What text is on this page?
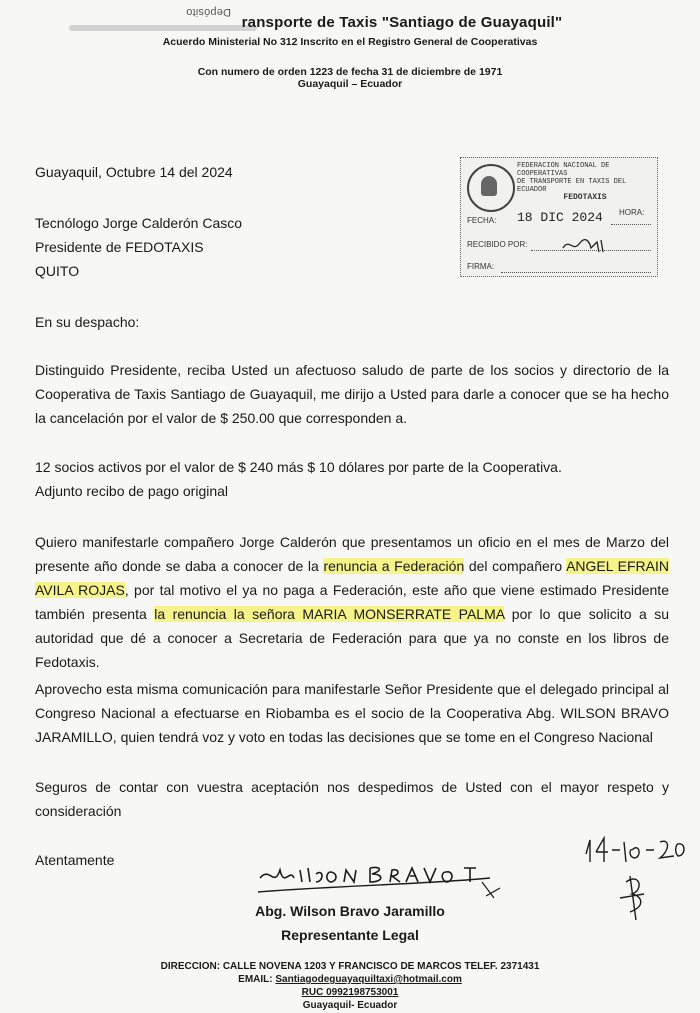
Depósito
ransporte de Taxis "Santiago de Guayaquil"
Acuerdo Ministerial No 312 Inscrito en el Registro General de Cooperativas
Con numero de orden 1223 de fecha 31 de diciembre de 1971
Guayaquil – Ecuador
FEDERACION NACIONAL DE COOPERATIVAS
DE TRANSPORTE EN TAXIS DEL ECUADOR
FEDOTAXIS
FECHA: 18 DIC 2024 HORA:
RECIBIDO POR:
FIRMA:
Guayaquil, Octubre 14 del 2024
Tecnólogo Jorge Calderón Casco
Presidente de FEDOTAXIS
QUITO
En su despacho:
Distinguido Presidente, reciba Usted un afectuoso saludo de parte de los socios y directorio de la Cooperativa de Taxis Santiago de Guayaquil, me dirijo a Usted para darle a conocer que se ha hecho la cancelación por el valor de $ 250.00 que corresponden a.
12 socios activos por el valor de $ 240 más $ 10 dólares por parte de la Cooperativa.
Adjunto recibo de pago original
Quiero manifestarle compañero Jorge Calderón que presentamos un oficio en el mes de Marzo del presente año donde se daba a conocer de la renuncia a Federación del compañero ANGEL EFRAIN AVILA ROJAS, por tal motivo el ya no paga a Federación, este año que viene estimado Presidente también presenta la renuncia la señora MARIA MONSERRATE PALMA por lo que solicito a su autoridad que dé a conocer a Secretaria de Federación para que ya no conste en los libros de Fedotaxis.
Aprovecho esta misma comunicación para manifestarle Señor Presidente que el delegado principal al Congreso Nacional a efectuarse en Riobamba es el socio de la Cooperativa Abg. WILSON BRAVO JARAMILLO, quien tendrá voz y voto en todas las decisiones que se tome en el Congreso Nacional
Seguros de contar con vuestra aceptación nos despedimos de Usted con el mayor respeto y consideración
Atentamente
Abg. Wilson Bravo Jaramillo
Representante Legal
DIRECCION: CALLE NOVENA 1203 Y FRANCISCO DE MARCOS TELEF. 2371431
EMAIL: Santiagodeguayaquiltaxi@hotmail.com
RUC 0992198753001
Guayaquil- Ecuador
